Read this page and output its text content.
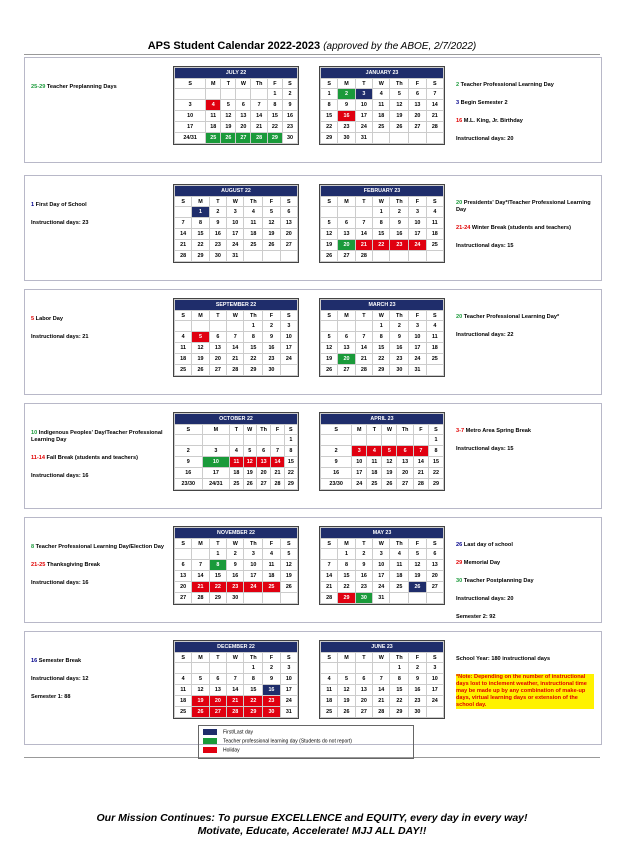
APS Student Calendar 2022-2023 (approved by the ABOE, 2/7/2022)
JULY 22						
S	M	T	W	Th	F	S
					1	2
3	4	5	6	7	8	9
10	11	12	13	14	15	16
17	18	19	20	21	22	23
24/31	25	26	27	28	29	30
25-29 Teacher Preplanning Days
JANUARY 23						
S	M	T	W	Th	F	S
1	2	3	4	5	6	7
8	9	10	11	12	13	14
15	16	17	18	19	20	21
22	23	24	25	26	27	28
29	30	31				
2 Teacher Professional Learning Day
3 Begin Semester 2
16 M.L. King, Jr. Birthday
Instructional days: 20
AUGUST 22						
S	M	T	W	Th	F	S
	1	2	3	4	5	6
7	8	9	10	11	12	13
14	15	16	17	18	19	20
21	22	23	24	25	26	27
28	29	30	31			
1 First Day of School
Instructional days: 23
FEBRUARY 23						
S	M	T	W	Th	F	S
			1	2	3	4
5	6	7	8	9	10	11
12	13	14	15	16	17	18
19	20	21	22	23	24	25
26	27	28				
20 Presidents' Day*/Teacher Professional Learning Day
21-24 Winter Break (students and teachers)
Instructional days: 15
SEPTEMBER 22						
S	M	T	W	Th	F	S
				1	2	3
4	5	6	7	8	9	10
11	12	13	14	15	16	17
18	19	20	21	22	23	24
25	26	27	28	29	30	
5 Labor Day
Instructional days: 21
MARCH 23						
S	M	T	W	Th	F	S
			1	2	3	4
5	6	7	8	9	10	11
12	13	14	15	16	17	18
19	20	21	22	23	24	25
26	27	28	29	30	31	
20 Teacher Professional Learning Day*
Instructional days: 22
OCTOBER 22						
S	M	T	W	Th	F	S
						1
2	3	4	5	6	7	8
9	10	11	12	13	14	15
16	17	18	19	20	21	22
23/30	24/31	25	26	27	28	29
10 Indigenous Peoples' Day/Teacher Professional Learning Day
11-14 Fall Break (students and teachers)
Instructional days: 16
APRIL 23						
S	M	T	W	Th	F	S
						1
2	3	4	5	6	7	8
9	10	11	12	13	14	15
16	17	18	19	20	21	22
23/30	24	25	26	27	28	29
3-7 Metro Area Spring Break
Instructional days: 15
NOVEMBER 22						
S	M	T	W	Th	F	S
		1	2	3	4	5
6	7	8	9	10	11	12
13	14	15	16	17	18	19
20	21	22	23	24	25	26
27	28	29	30			
8 Teacher Professional Learning Day/Election Day
21-25 Thanksgiving Break
Instructional days: 16
MAY 23						
S	M	T	W	Th	F	S
	1	2	3	4	5	6
7	8	9	10	11	12	13
14	15	16	17	18	19	20
21	22	23	24	25	26	27
28	29	30	31			
26 Last day of school
29 Memorial Day
30 Teacher Postplanning Day
Instructional days: 20
Semester 2: 92
DECEMBER 22						
S	M	T	W	Th	F	S
				1	2	3
4	5	6	7	8	9	10
11	12	13	14	15	16	17
18	19	20	21	22	23	24
25	26	27	28	29	30	31
16 Semester Break
Instructional days: 12
Semester 1: 88
JUNE 23						
S	M	T	W	Th	F	S
				1	2	3
4	5	6	7	8	9	10
11	12	13	14	15	16	17
18	19	20	21	22	23	24
25	26	27	28	29	30	
School Year: 180 instructional days
*Note: Depending on the number of instructional days lost to inclement weather, instructional time may be made up by any combination of make-up days, virtual learning days or extension of the school day.
First/Last day
Teacher professional learning day (Students do not report)
Holiday
Our Mission Continues: To pursue EXCELLENCE and EQUITY, every day in every way!
Motivate, Educate, Accelerate! MJJ ALL DAY!!
